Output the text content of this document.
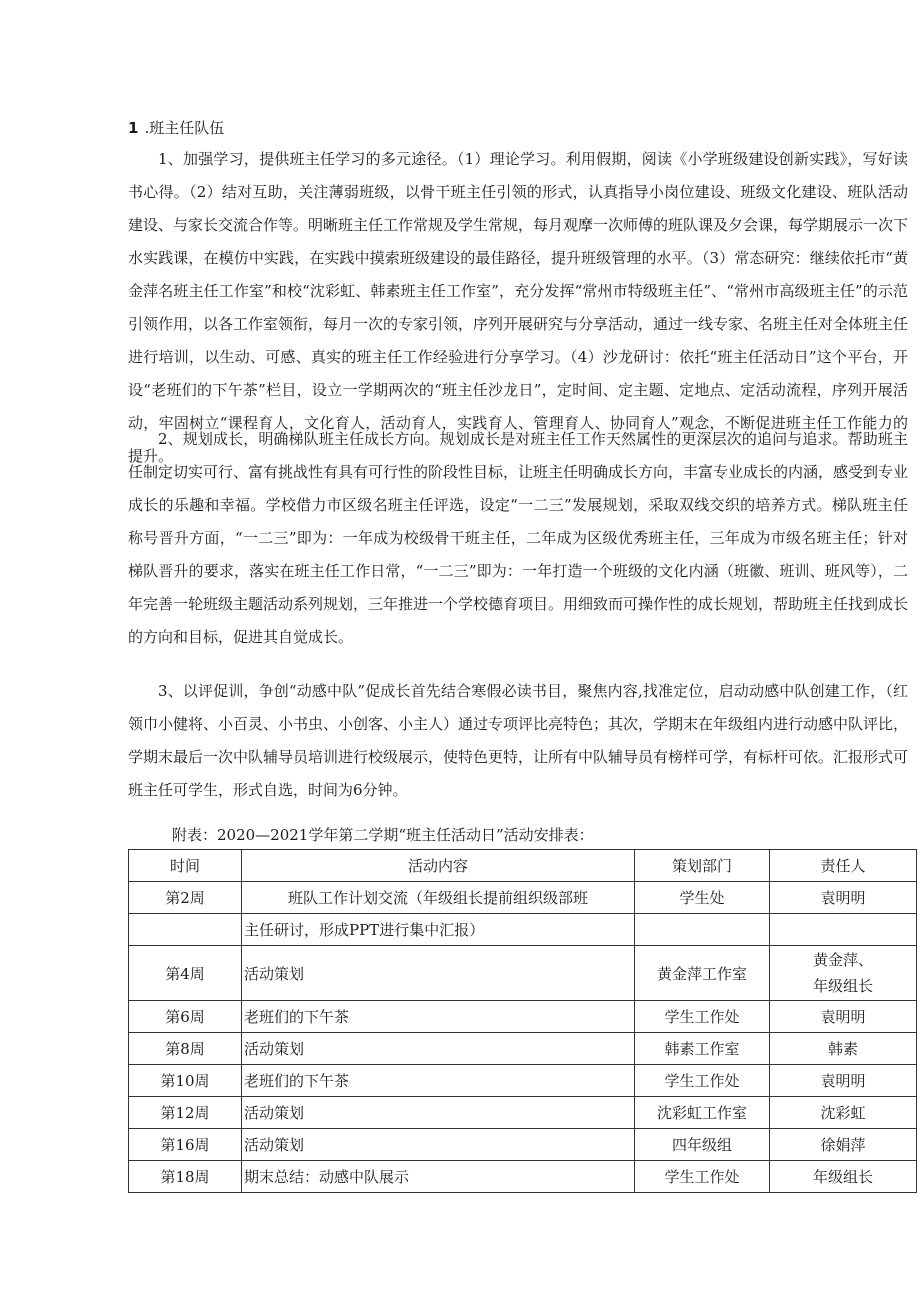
1 .班主任队伍

1、加强学习，提供班主任学习的多元途径。（1）理论学习。利用假期，阅读《小学班级建设创新实践》，写好读书心得。（2）结对互助，关注薄弱班级，以骨干班主任引领的形式，认真指导小岗位建设、班级文化建设、班队活动建设、与家长交流合作等。明晰班主任工作常规及学生常规，每月观摩一次师傅的班队课及夕会课，每学期展示一次下水实践课，在模仿中实践，在实践中摸索班级建设的最佳路径，提升班级管理的水平。（3）常态研究：继续依托市“黄金萍名班主任工作室”和校“沈彩虹、韩素班主任工作室”，充分发挥“常州市特级班主任”、“常州市高级班主任”的示范引领作用，以各工作室领衔，每月一次的专家引领，序列开展研究与分享活动，通过一线专家、名班主任对全体班主任进行培训，以生动、可感、真实的班主任工作经验进行分享学习。（4）沙龙研讨：依托“班主任活动日”这个平台，开设“老班们的下午茶”栏目，设立一学期两次的“班主任沙龙日”，定时间、定主题、定地点、定活动流程，序列开展活动，牢固树立“课程育人，文化育人，活动育人，实践育人、管理育人、协同育人”观念，不断促进班主任工作能力的提升。

2、规划成长，明确梯队班主任成长方向。规划成长是对班主任工作天然属性的更深层次的追问与追求。帮助班主任制定切实可行、富有挑战性有具有可行性的阶段性目标，让班主任明确成长方向，丰富专业成长的内涵，感受到专业成长的乐趣和幸福。学校借力市区级名班主任评选，设定“一二三”发展规划，采取双线交织的培养方式。梯队班主任称号晋升方面，“一二三”即为：一年成为校级骨干班主任，二年成为区级优秀班主任，三年成为市级名班主任；针对梯队晋升的要求，落实在班主任工作日常，“一二三”即为：一年打造一个班级的文化内涵（班徽、班训、班风等），二年完善一轮班级主题活动系列规划，三年推进一个学校德育项目。用细致而可操作性的成长规划，帮助班主任找到成长的方向和目标，促进其自觉成长。

3、以评促训，争创“动感中队”促成长首先结合寒假必读书目，聚焦内容,找准定位，启动动感中队创建工作，（红领巾小健将、小百灵、小书虫、小创客、小主人）通过专项评比亮特色；其次，学期末在年级组内进行动感中队评比，学期末最后一次中队辅导员培训进行校级展示，使特色更特，让所有中队辅导员有榜样可学，有标杆可依。汇报形式可班主任可学生，形式自选，时间为6分钟。

附表：2020—2021学年第二学期“班主任活动日”活动安排表：
时间	活动内容	策划部门	责任人
第2周	班队工作计划交流（年级组长提前组织级部班	学生处	袁明明
	主任研讨，形成PPT进行集中汇报）		
第4周	活动策划	黄金萍工作室	黄金萍、
年级组长

第6周	老班们的下午茶	学生工作处	袁明明
第8周	活动策划	韩素工作室	韩素
第10周	老班们的下午茶	学生工作处	袁明明
第12周	活动策划	沈彩虹工作室	沈彩虹
第16周	活动策划	四年级组	徐娟萍
第18周	期末总结：动感中队展示	学生工作处	年级组长
